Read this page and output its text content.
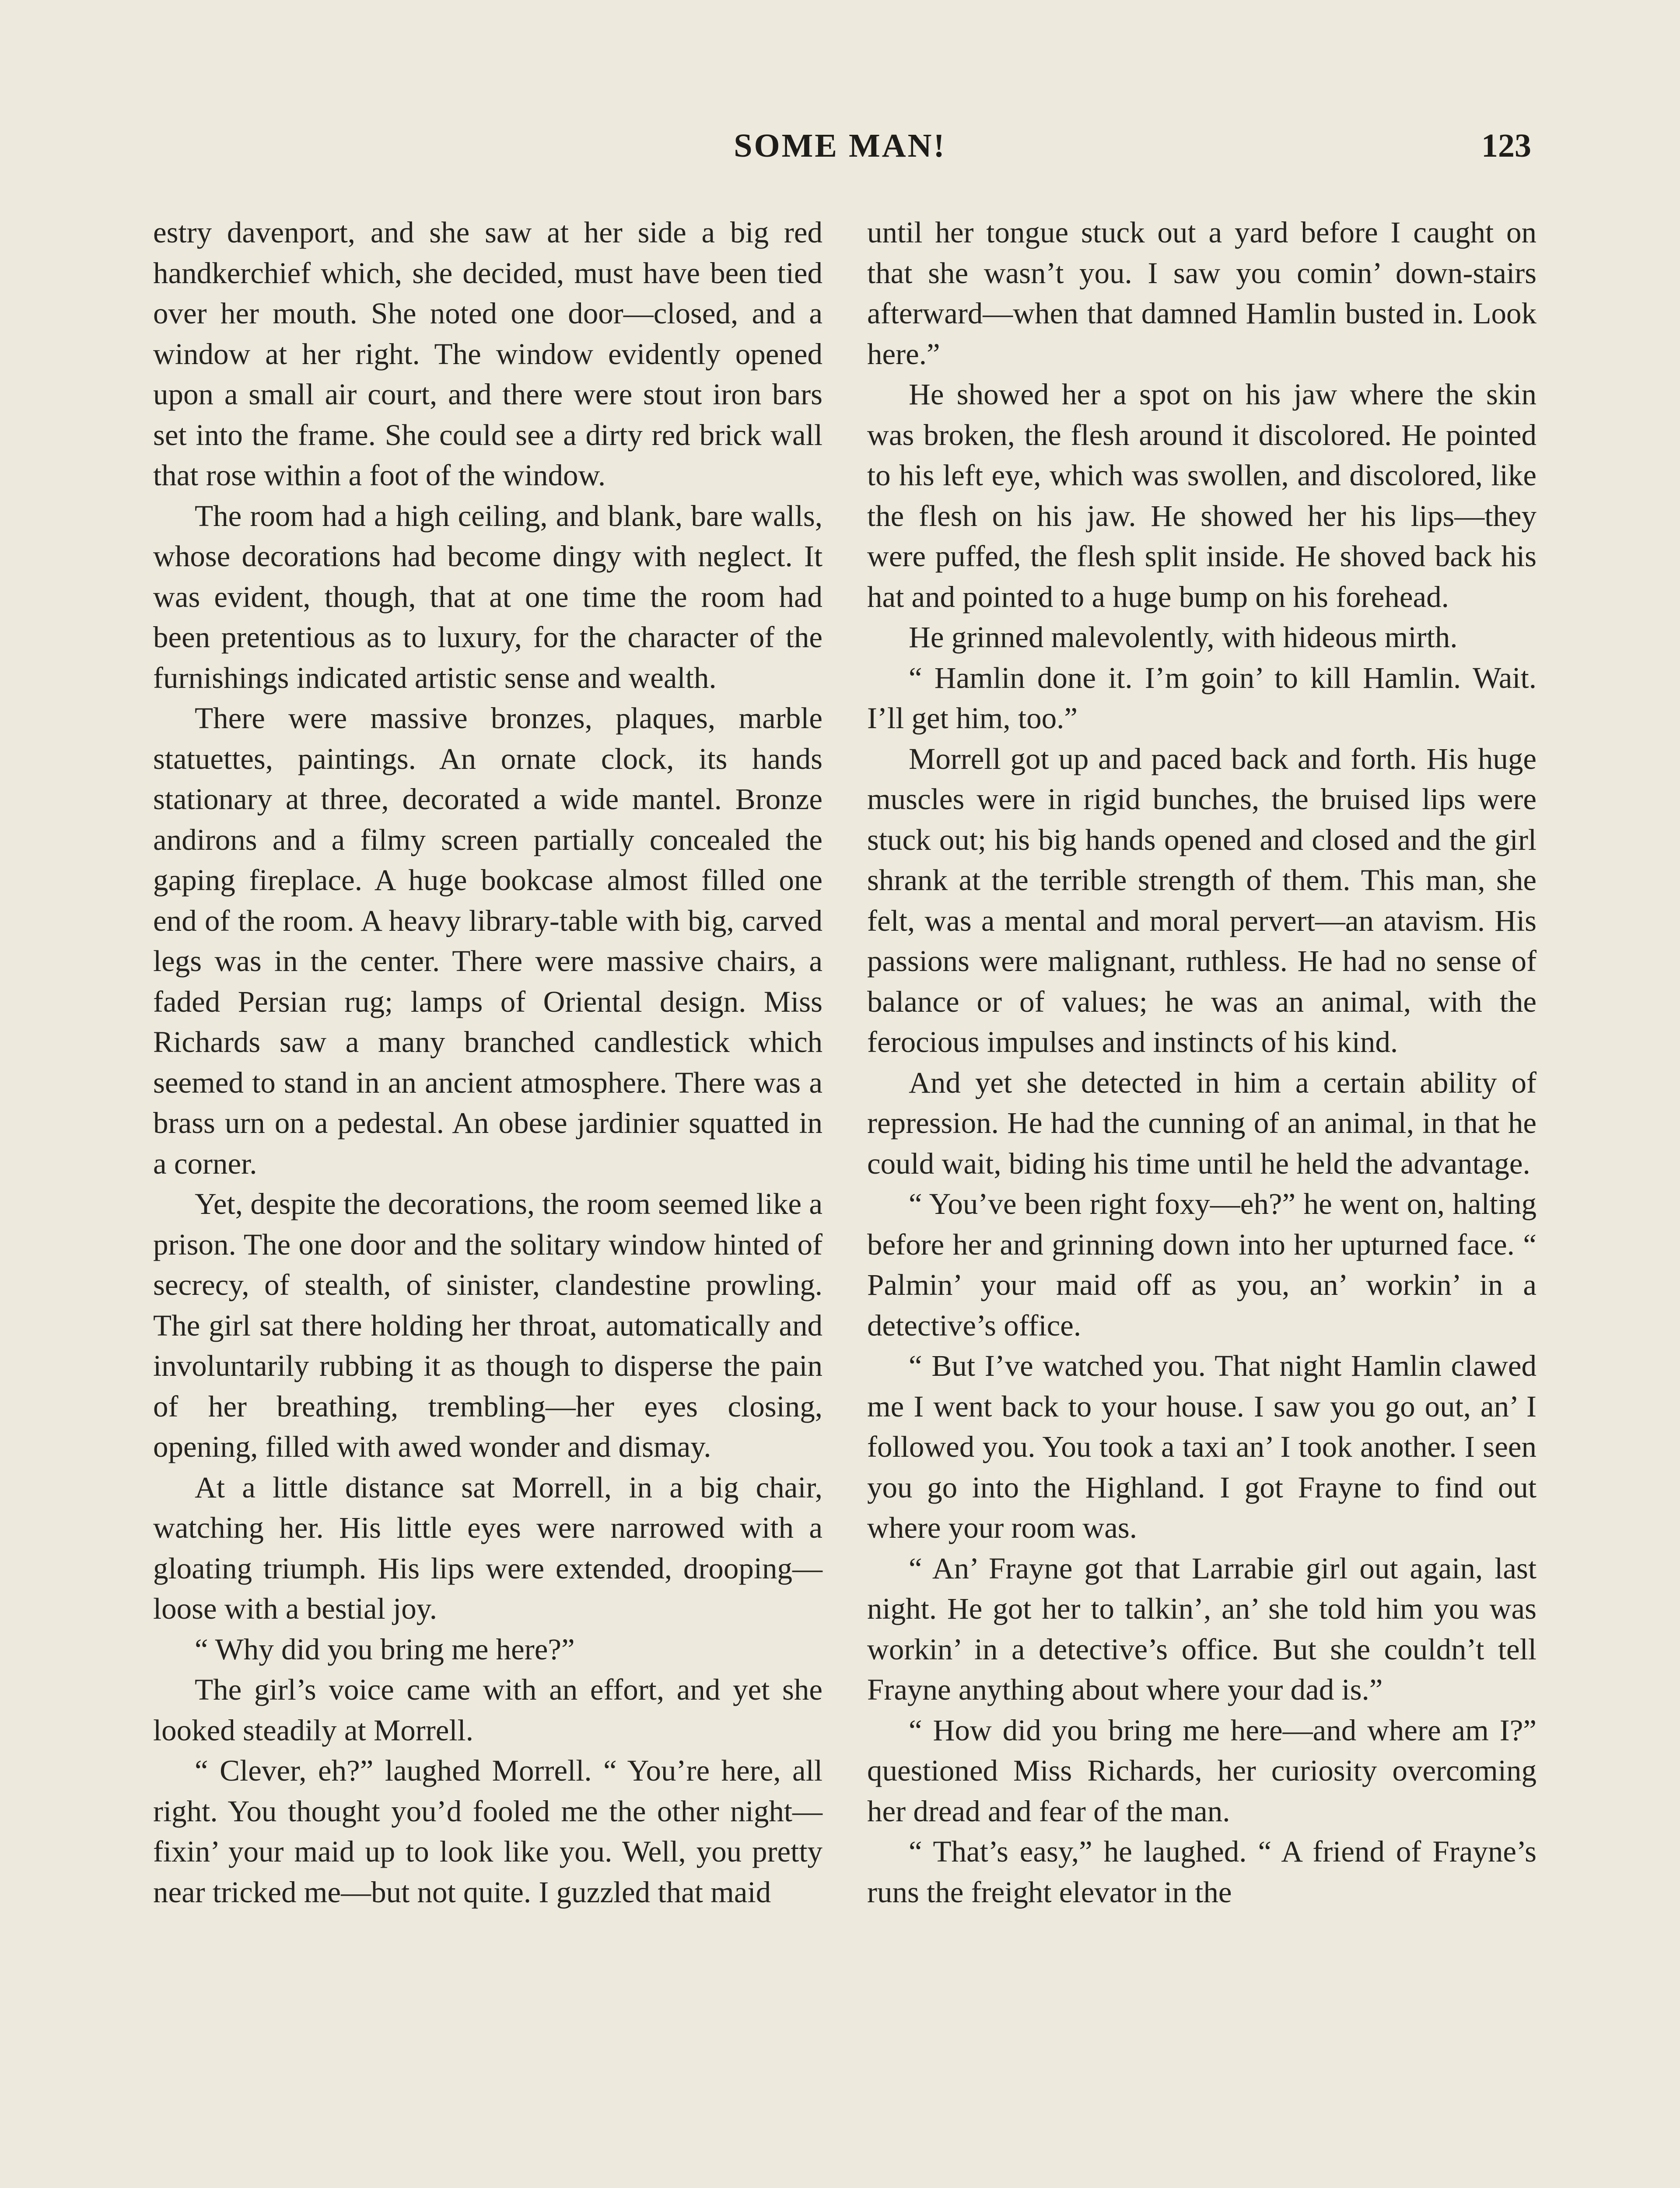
SOME MAN!	123

estry davenport, and she saw at her side a big red handkerchief which, she decided, must have been tied over her mouth. She noted one door—closed, and a window at her right. The window evidently opened upon a small air court, and there were stout iron bars set into the frame. She could see a dirty red brick wall that rose within a foot of the window.

The room had a high ceiling, and blank, bare walls, whose decorations had become dingy with neglect. It was evident, though, that at one time the room had been pretentious as to luxury, for the character of the furnishings indicated artistic sense and wealth.

There were massive bronzes, plaques, marble statuettes, paintings. An ornate clock, its hands stationary at three, decorated a wide mantel. Bronze andirons and a filmy screen partially concealed the gaping fireplace. A huge bookcase almost filled one end of the room. A heavy library-table with big, carved legs was in the center. There were massive chairs, a faded Persian rug; lamps of Oriental design. Miss Richards saw a many branched candlestick which seemed to stand in an ancient atmosphere. There was a brass urn on a pedestal. An obese jardinier squatted in a corner.

Yet, despite the decorations, the room seemed like a prison. The one door and the solitary window hinted of secrecy, of stealth, of sinister, clandestine prowling. The girl sat there holding her throat, automatically and involuntarily rubbing it as though to disperse the pain of her breathing, trembling—her eyes closing, opening, filled with awed wonder and dismay.

At a little distance sat Morrell, in a big chair, watching her. His little eyes were narrowed with a gloating triumph. His lips were extended, drooping—loose with a bestial joy.

“ Why did you bring me here?”

The girl’s voice came with an effort, and yet she looked steadily at Morrell.

“ Clever, eh?” laughed Morrell. “ You’re here, all right. You thought you’d fooled me the other night—fixin’ your maid up to look like you. Well, you pretty near tricked me—but not quite. I guzzled that maid

until her tongue stuck out a yard before I caught on that she wasn’t you. I saw you comin’ down-stairs afterward—when that damned Hamlin busted in. Look here.”

He showed her a spot on his jaw where the skin was broken, the flesh around it discolored. He pointed to his left eye, which was swollen, and discolored, like the flesh on his jaw. He showed her his lips—they were puffed, the flesh split inside. He shoved back his hat and pointed to a huge bump on his forehead.

He grinned malevolently, with hideous mirth.

“ Hamlin done it. I’m goin’ to kill Hamlin. Wait. I’ll get him, too.”

Morrell got up and paced back and forth. His huge muscles were in rigid bunches, the bruised lips were stuck out; his big hands opened and closed and the girl shrank at the terrible strength of them. This man, she felt, was a mental and moral pervert—an atavism. His passions were malignant, ruthless. He had no sense of balance or of values; he was an animal, with the ferocious impulses and instincts of his kind.

And yet she detected in him a certain ability of repression. He had the cunning of an animal, in that he could wait, biding his time until he held the advantage.

“ You’ve been right foxy—eh?” he went on, halting before her and grinning down into her upturned face. “ Palmin’ your maid off as you, an’ workin’ in a detective’s office.

“ But I’ve watched you. That night Hamlin clawed me I went back to your house. I saw you go out, an’ I followed you. You took a taxi an’ I took another. I seen you go into the Highland. I got Frayne to find out where your room was.

“ An’ Frayne got that Larrabie girl out again, last night. He got her to talkin’, an’ she told him you was workin’ in a detective’s office. But she couldn’t tell Frayne anything about where your dad is.”

“ How did you bring me here—and where am I?” questioned Miss Richards, her curiosity overcoming her dread and fear of the man.

“ That’s easy,” he laughed. “ A friend of Frayne’s runs the freight elevator in the
